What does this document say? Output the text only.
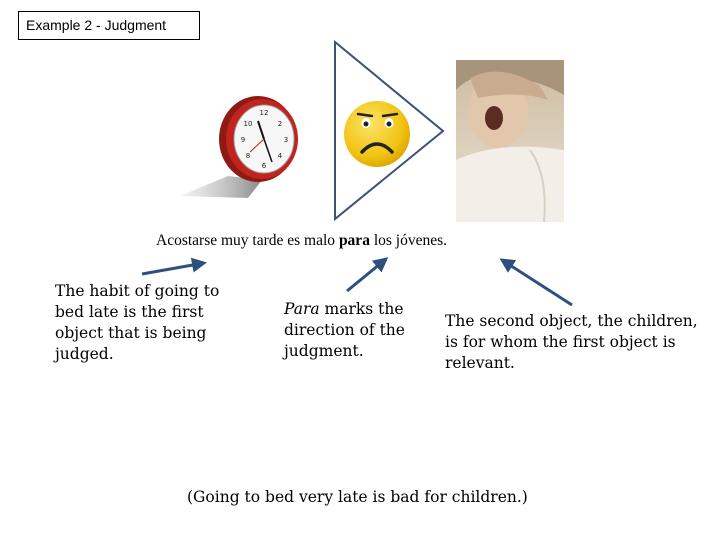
Example 2 - Judgment
12
2
3
4
6
8
9
10
Acostarse muy tarde es malo para los jóvenes.
The habit of going to bed late is the first object that is being judged.
Para marks the direction of the judgment.
The second object, the children, is for whom the first object is relevant.
(Going to bed very late is bad for children.)
